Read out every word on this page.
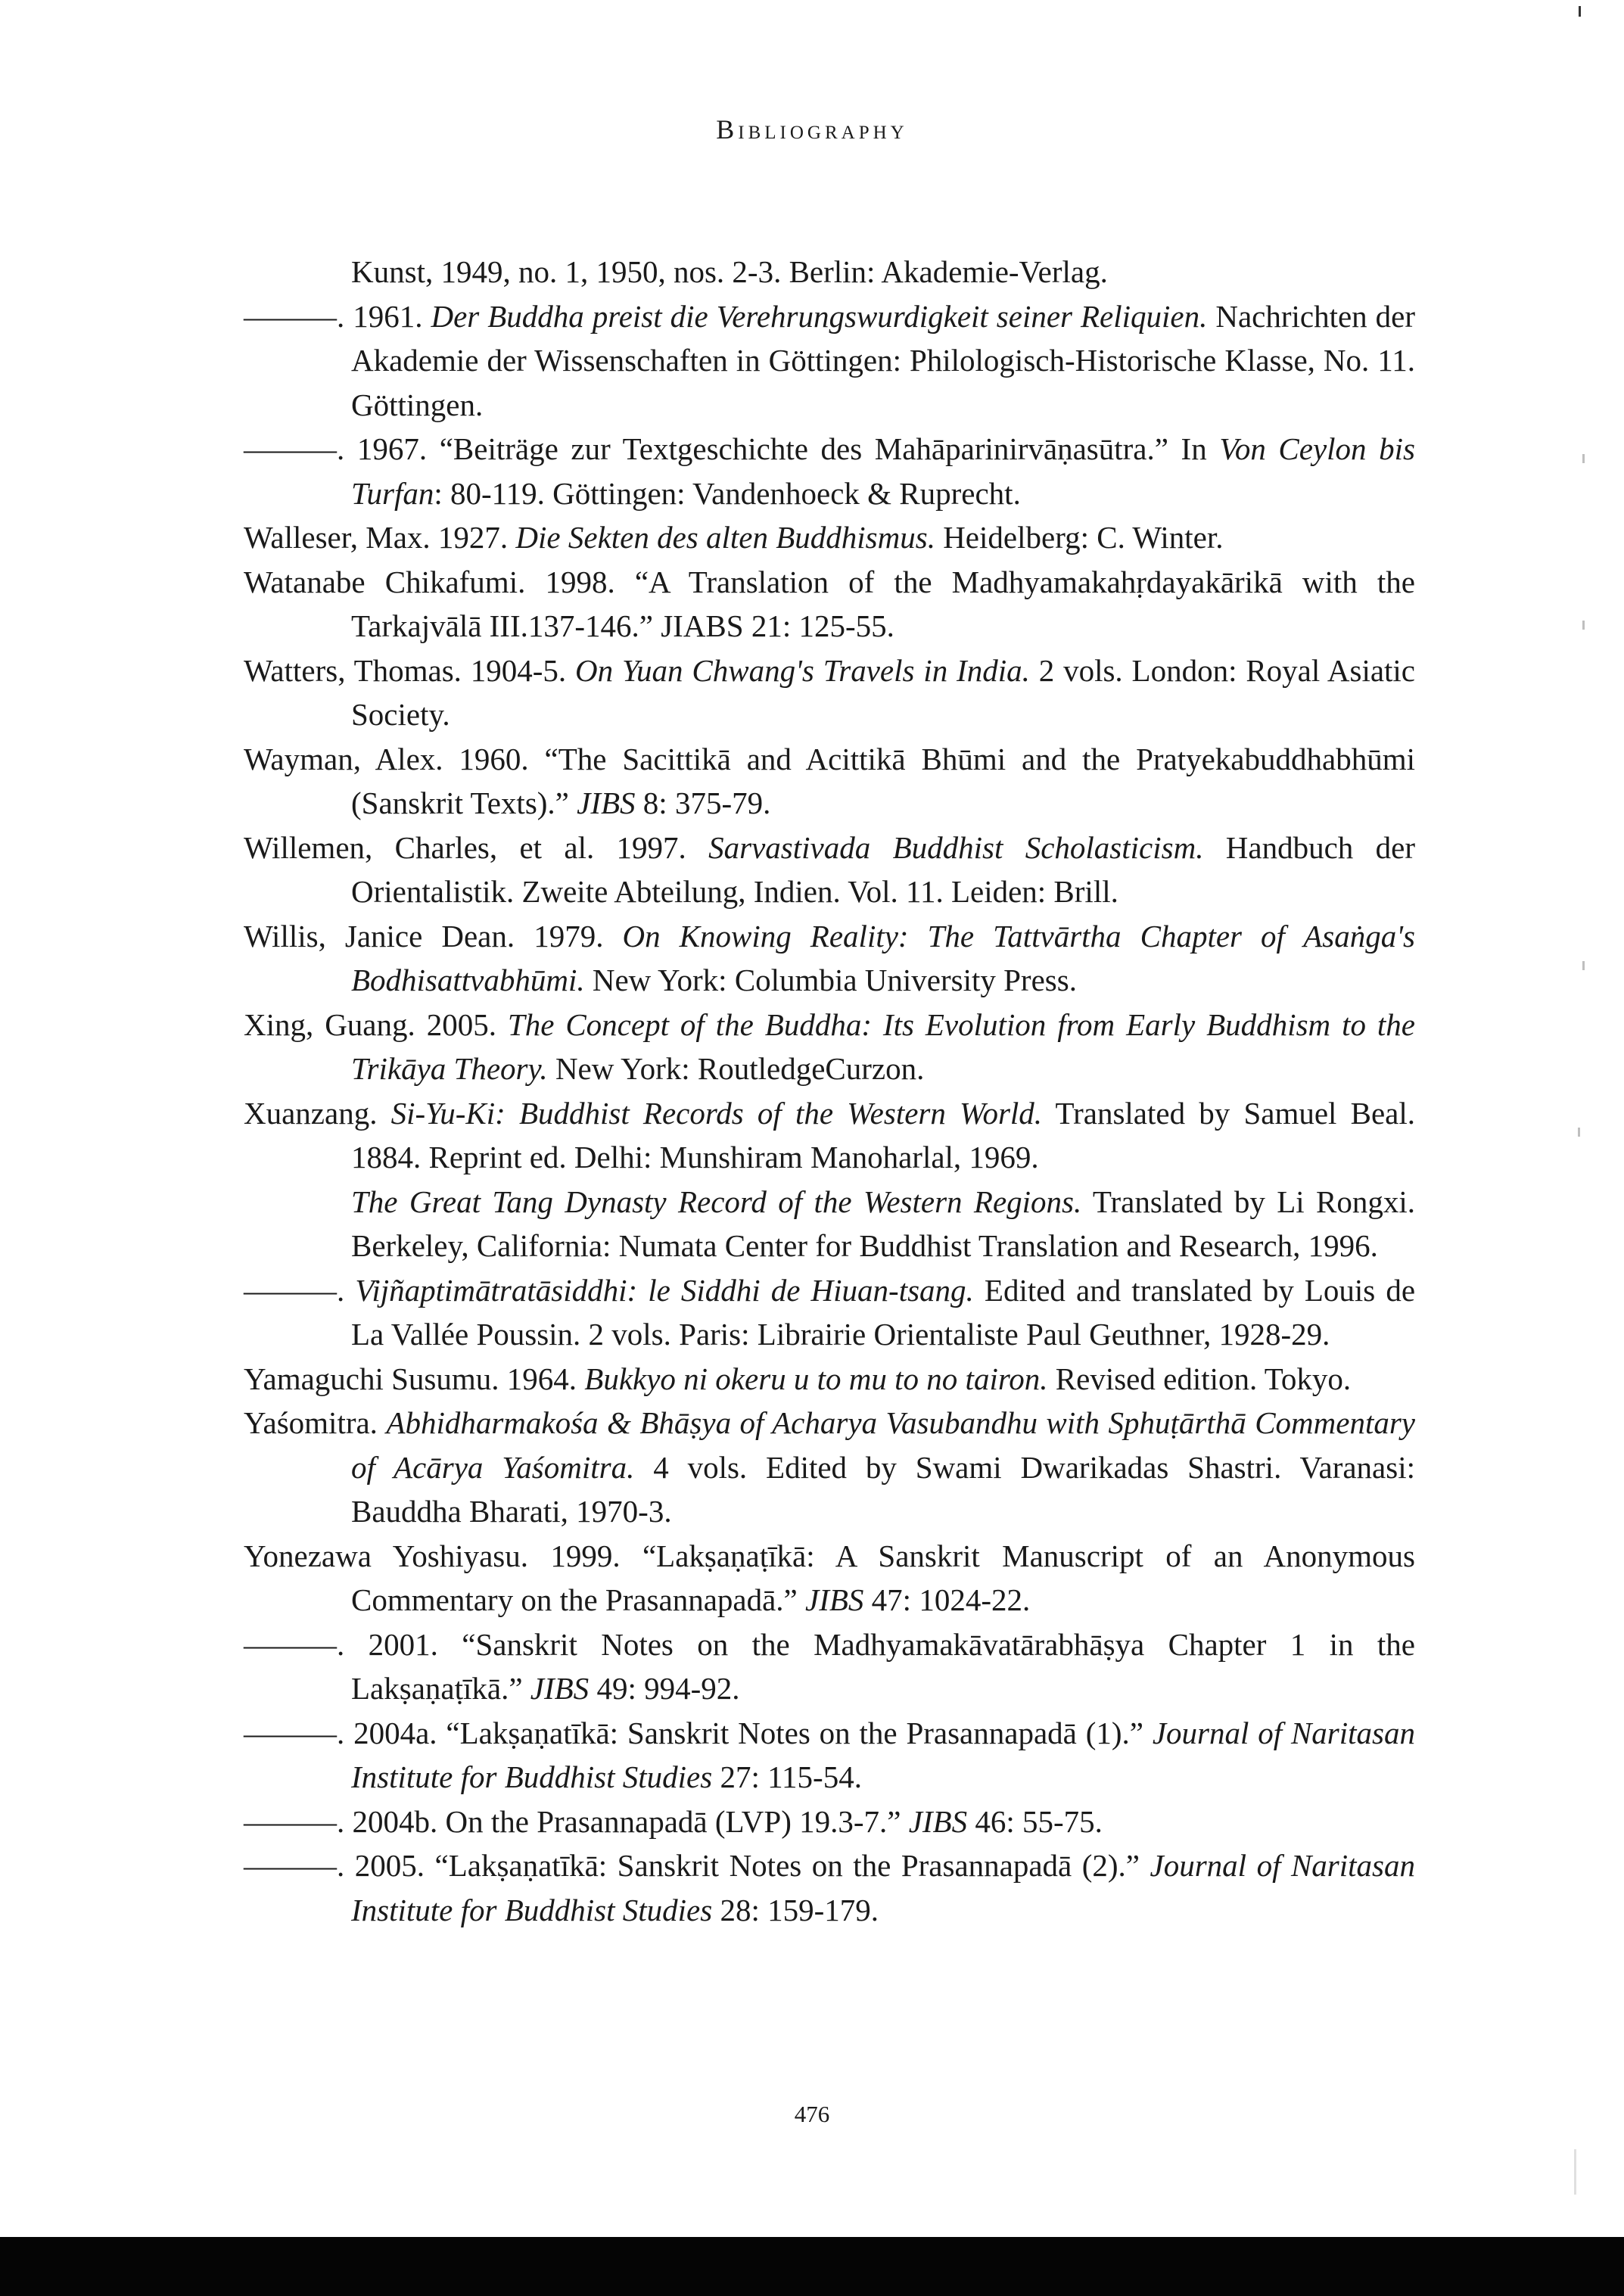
Bibliography
Kunst, 1949, no. 1, 1950, nos. 2-3. Berlin: Akademie-Verlag.
———. 1961. Der Buddha preist die Verehrungswurdigkeit seiner Reliquien. Nachrichten der Akademie der Wissenschaften in Göttingen: Philologisch-Historische Klasse, No. 11. Göttingen.
———. 1967. “Beiträge zur Textgeschichte des Mahāparinirvāṇasūtra.” In Von Ceylon bis Turfan: 80-119. Göttingen: Vandenhoeck & Ruprecht.
Walleser, Max. 1927. Die Sekten des alten Buddhismus. Heidelberg: C. Winter.
Watanabe Chikafumi. 1998. “A Translation of the Madhyamakahṛdayakārikā with the Tarkajvālā III.137-146.” JIABS 21: 125-55.
Watters, Thomas. 1904-5. On Yuan Chwang's Travels in India. 2 vols. London: Royal Asiatic Society.
Wayman, Alex. 1960. “The Sacittikā and Acittikā Bhūmi and the Pratyekabuddhabhūmi (Sanskrit Texts).” JIBS 8: 375-79.
Willemen, Charles, et al. 1997. Sarvastivada Buddhist Scholasticism. Handbuch der Orientalistik. Zweite Abteilung, Indien. Vol. 11. Leiden: Brill.
Willis, Janice Dean. 1979. On Knowing Reality: The Tattvārtha Chapter of Asaṅga's Bodhisattvabhūmi. New York: Columbia University Press.
Xing, Guang. 2005. The Concept of the Buddha: Its Evolution from Early Buddhism to the Trikāya Theory. New York: RoutledgeCurzon.
Xuanzang. Si-Yu-Ki: Buddhist Records of the Western World. Translated by Samuel Beal. 1884. Reprint ed. Delhi: Munshiram Manoharlal, 1969.
The Great Tang Dynasty Record of the Western Regions. Translated by Li Rongxi. Berkeley, California: Numata Center for Buddhist Translation and Research, 1996.
———. Vijñaptimātratāsiddhi: le Siddhi de Hiuan-tsang. Edited and translated by Louis de La Vallée Poussin. 2 vols. Paris: Librairie Orientaliste Paul Geuthner, 1928-29.
Yamaguchi Susumu. 1964. Bukkyo ni okeru u to mu to no tairon. Revised edition. Tokyo.
Yaśomitra. Abhidharmakośa & Bhāṣya of Acharya Vasubandhu with Sphuṭārthā Commentary of Acārya Yaśomitra. 4 vols. Edited by Swami Dwarikadas Shastri. Varanasi: Bauddha Bharati, 1970-3.
Yonezawa Yoshiyasu. 1999. “Lakṣaṇaṭīkā: A Sanskrit Manuscript of an Anonymous Commentary on the Prasannapadā.” JIBS 47: 1024-22.
———. 2001. “Sanskrit Notes on the Madhyamakāvatārabhāṣya Chapter 1 in the Lakṣaṇaṭīkā.” JIBS 49: 994-92.
———. 2004a. “Lakṣaṇatīkā: Sanskrit Notes on the Prasannapadā (1).” Journal of Naritasan Institute for Buddhist Studies 27: 115-54.
———. 2004b. On the Prasannapadā (LVP) 19.3-7.” JIBS 46: 55-75.
———. 2005. “Lakṣaṇatīkā: Sanskrit Notes on the Prasannapadā (2).” Journal of Naritasan Institute for Buddhist Studies 28: 159-179.
476
